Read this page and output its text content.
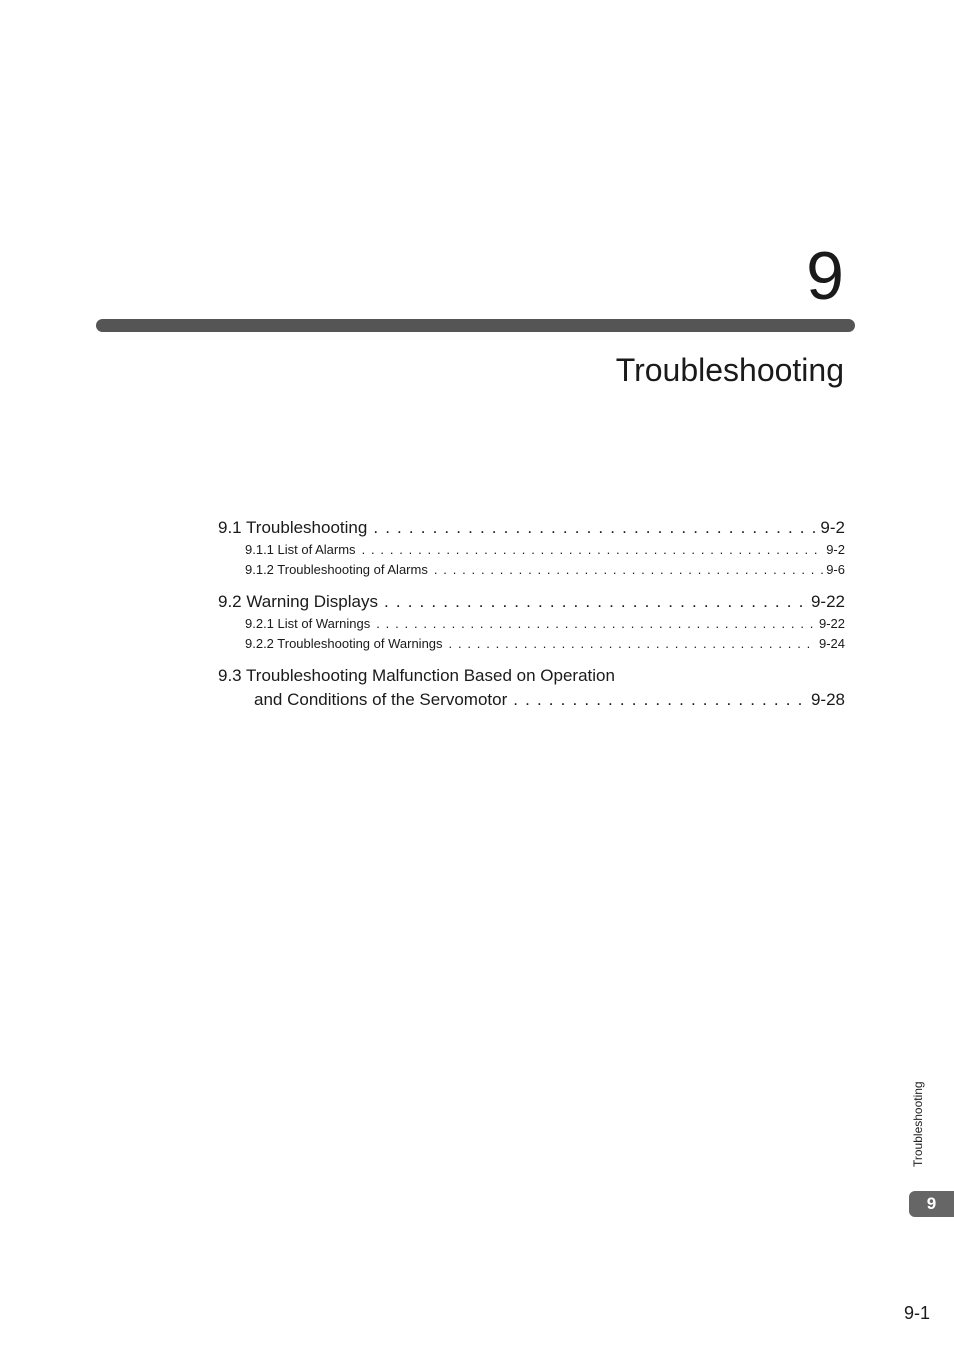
9
Troubleshooting
9.1 Troubleshooting . . .	9-2
9.1.1 List of Alarms . . .	9-2
9.1.2 Troubleshooting of Alarms . . .	9-6
9.2 Warning Displays . . .	9-22
9.2.1 List of Warnings . . .	9-22
9.2.2 Troubleshooting of Warnings . . .	9-24
9.3 Troubleshooting Malfunction Based on Operation
and Conditions of the Servomotor . . .	9-28
Troubleshooting
9
9-1
